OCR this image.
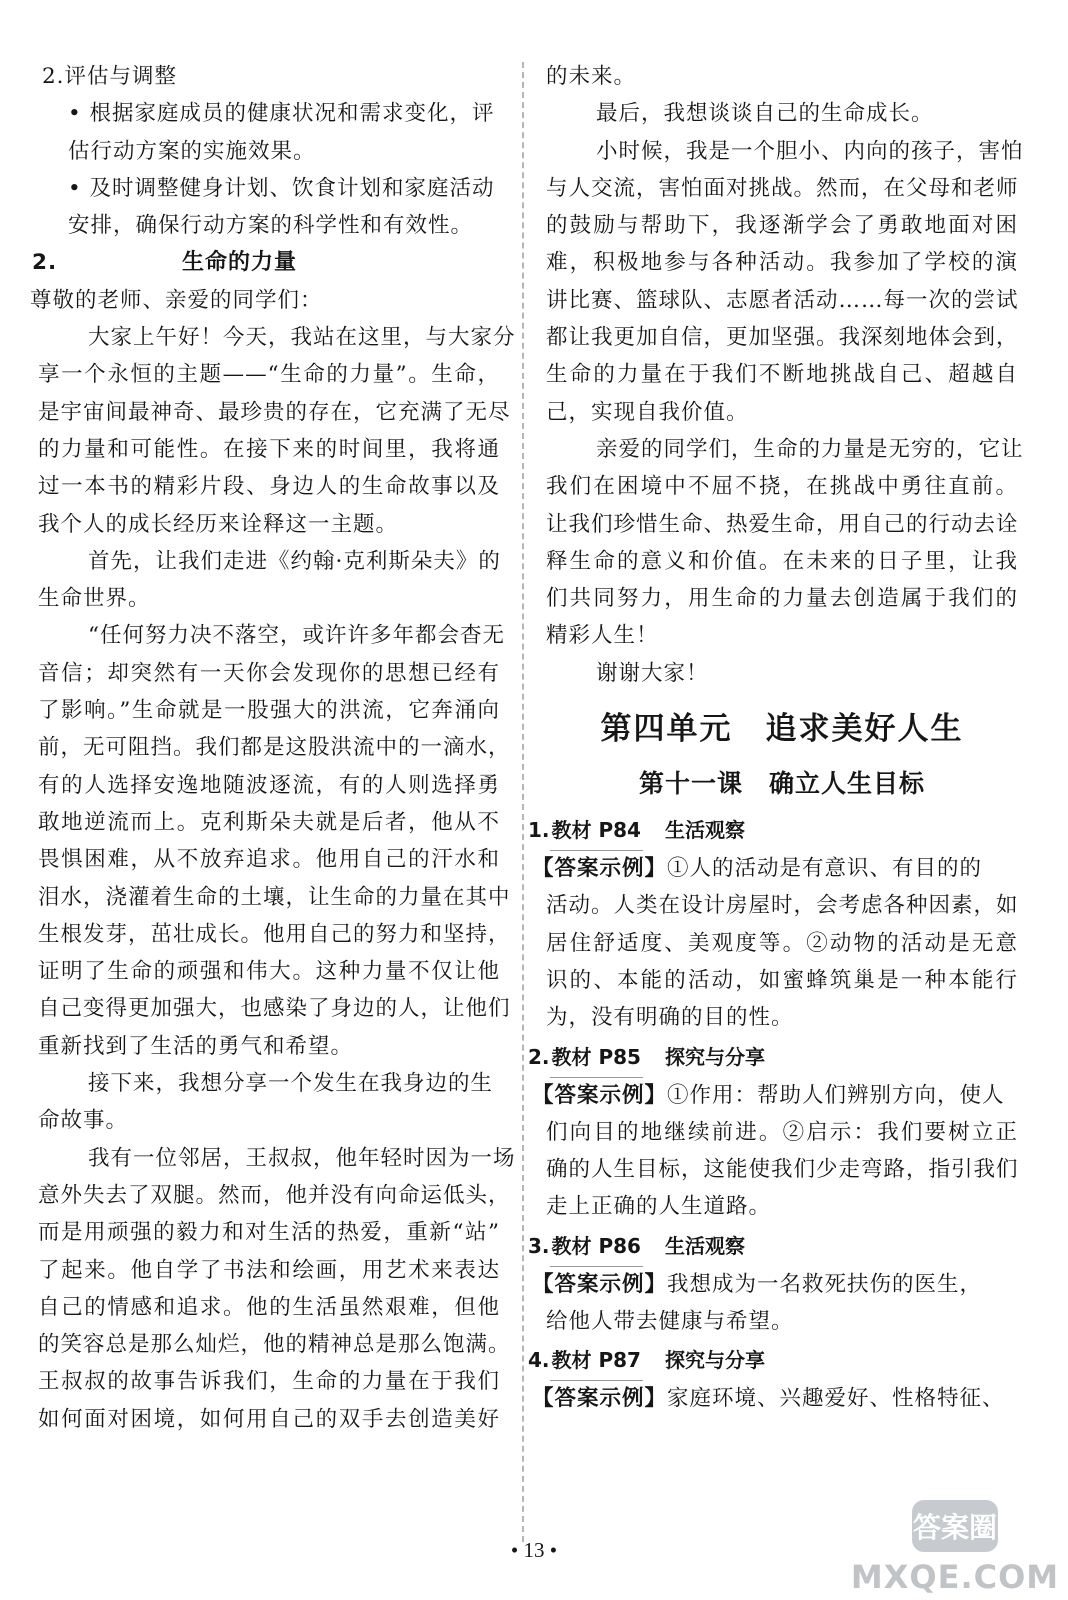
2.评估与调整
• 根据家庭成员的健康状况和需求变化，评
估行动方案的实施效果。
• 及时调整健身计划、饮食计划和家庭活动
安排，确保行动方案的科学性和有效性。
2.	生命的力量
尊敬的老师、亲爱的同学们：
大家上午好！今天，我站在这里，与大家分
享一个永恒的主题——“生命的力量”。生命，
是宇宙间最神奇、最珍贵的存在，它充满了无尽
的力量和可能性。在接下来的时间里，我将通
过一本书的精彩片段、身边人的生命故事以及
我个人的成长经历来诠释这一主题。
首先，让我们走进《约翰·克利斯朵夫》的
生命世界。
“任何努力决不落空，或许许多年都会杳无
音信；却突然有一天你会发现你的思想已经有
了影响。”生命就是一股强大的洪流，它奔涌向
前，无可阻挡。我们都是这股洪流中的一滴水，
有的人选择安逸地随波逐流，有的人则选择勇
敢地逆流而上。克利斯朵夫就是后者，他从不
畏惧困难，从不放弃追求。他用自己的汗水和
泪水，浇灌着生命的土壤，让生命的力量在其中
生根发芽，茁壮成长。他用自己的努力和坚持，
证明了生命的顽强和伟大。这种力量不仅让他
自己变得更加强大，也感染了身边的人，让他们
重新找到了生活的勇气和希望。
接下来，我想分享一个发生在我身边的生
命故事。
我有一位邻居，王叔叔，他年轻时因为一场
意外失去了双腿。然而，他并没有向命运低头，
而是用顽强的毅力和对生活的热爱，重新“站”
了起来。他自学了书法和绘画，用艺术来表达
自己的情感和追求。他的生活虽然艰难，但他
的笑容总是那么灿烂，他的精神总是那么饱满。
王叔叔的故事告诉我们，生命的力量在于我们
如何面对困境，如何用自己的双手去创造美好
的未来。
最后，我想谈谈自己的生命成长。
小时候，我是一个胆小、内向的孩子，害怕
与人交流，害怕面对挑战。然而，在父母和老师
的鼓励与帮助下，我逐渐学会了勇敢地面对困
难，积极地参与各种活动。我参加了学校的演
讲比赛、篮球队、志愿者活动……每一次的尝试
都让我更加自信，更加坚强。我深刻地体会到，
生命的力量在于我们不断地挑战自己、超越自
己，实现自我价值。
亲爱的同学们，生命的力量是无穷的，它让
我们在困境中不屈不挠，在挑战中勇往直前。
让我们珍惜生命、热爱生命，用自己的行动去诠
释生命的意义和价值。在未来的日子里，让我
们共同努力，用生命的力量去创造属于我们的
精彩人生！
谢谢大家！
第四单元　追求美好人生
第十一课　确立人生目标
1. 教材 P84 生活观察
【答案示例】①人的活动是有意识、有目的的
活动。人类在设计房屋时，会考虑各种因素，如
居住舒适度、美观度等。②动物的活动是无意
识的、本能的活动，如蜜蜂筑巢是一种本能行
为，没有明确的目的性。
2. 教材 P85 探究与分享
【答案示例】①作用：帮助人们辨别方向，使人
们向目的地继续前进。②启示：我们要树立正
确的人生目标，这能使我们少走弯路，指引我们
走上正确的人生道路。
3. 教材 P86 生活观察
【答案示例】我想成为一名救死扶伤的医生，
给他人带去健康与希望。
4. 教材 P87 探究与分享
【答案示例】家庭环境、兴趣爱好、性格特征、
• 13 •
答案圈
MXQE.COM
